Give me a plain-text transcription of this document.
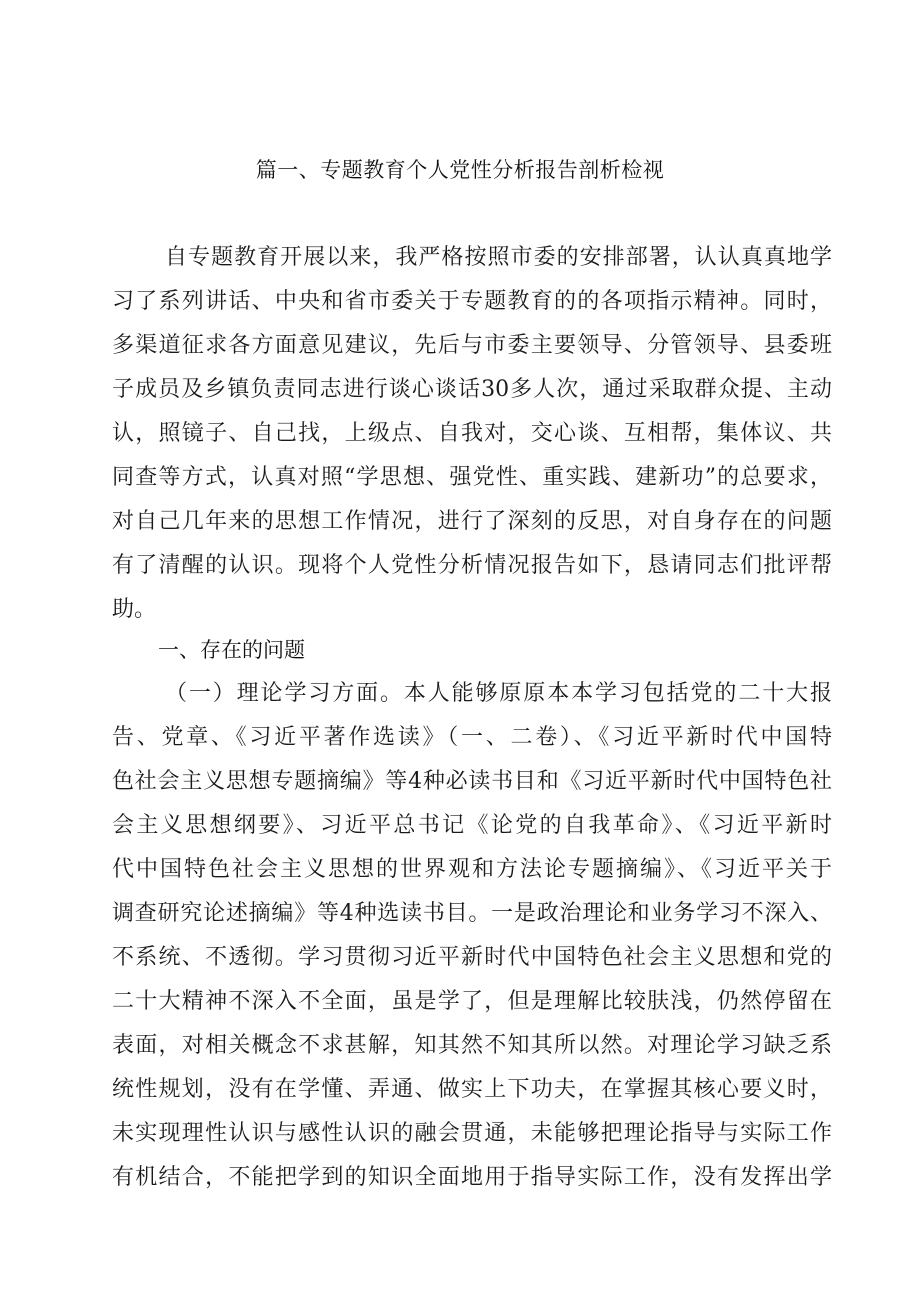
篇一、专题教育个人党性分析报告剖析检视
自专题教育开展以来，我严格按照市委的安排部署，认认真真地学
习了系列讲话、中央和省市委关于专题教育的的各项指示精神。同时，
多渠道征求各方面意见建议，先后与市委主要领导、分管领导、县委班
子成员及乡镇负责同志进行谈心谈话30多人次，通过采取群众提、主动
认，照镜子、自己找，上级点、自我对，交心谈、互相帮，集体议、共
同查等方式，认真对照“学思想、强党性、重实践、建新功”的总要求，
对自己几年来的思想工作情况，进行了深刻的反思，对自身存在的问题
有了清醒的认识。现将个人党性分析情况报告如下，恳请同志们批评帮
助。
一、存在的问题
（一）理论学习方面。本人能够原原本本学习包括党的二十大报
告、党章、《习近平著作选读》（一、二卷）、《习近平新时代中国特
色社会主义思想专题摘编》等4种必读书目和《习近平新时代中国特色社
会主义思想纲要》、习近平总书记《论党的自我革命》、《习近平新时
代中国特色社会主义思想的世界观和方法论专题摘编》、《习近平关于
调查研究论述摘编》等4种选读书目。一是政治理论和业务学习不深入、
不系统、不透彻。学习贯彻习近平新时代中国特色社会主义思想和党的
二十大精神不深入不全面，虽是学了，但是理解比较肤浅，仍然停留在
表面，对相关概念不求甚解，知其然不知其所以然。对理论学习缺乏系
统性规划，没有在学懂、弄通、做实上下功夫，在掌握其核心要义时，
未实现理性认识与感性认识的融会贯通，未能够把理论指导与实际工作
有机结合，不能把学到的知识全面地用于指导实际工作，没有发挥出学
